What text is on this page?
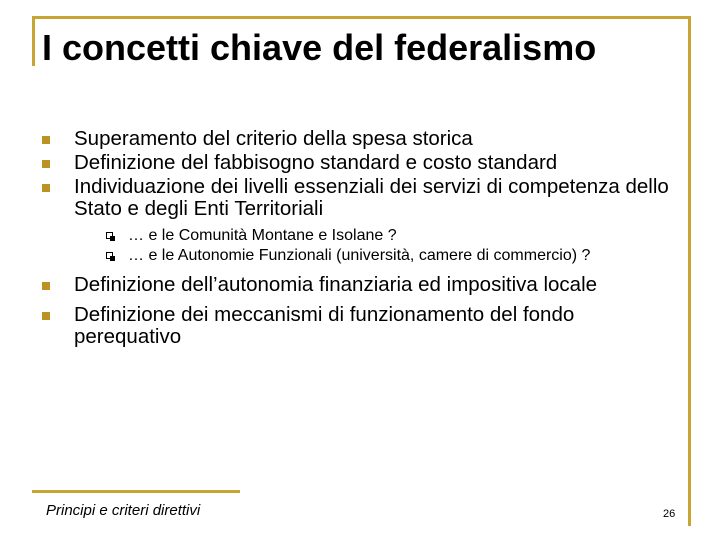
I concetti chiave del federalismo
Superamento del criterio della spesa storica
Definizione del fabbisogno standard e costo standard
Individuazione dei livelli essenziali dei servizi di competenza dello Stato e degli Enti Territoriali
… e le Comunità Montane e Isolane ?
… e le Autonomie Funzionali (università, camere di commercio) ?
Definizione dell’autonomia finanziaria ed impositiva locale
Definizione dei meccanismi di funzionamento del fondo perequativo
Principi e criteri direttivi	26
